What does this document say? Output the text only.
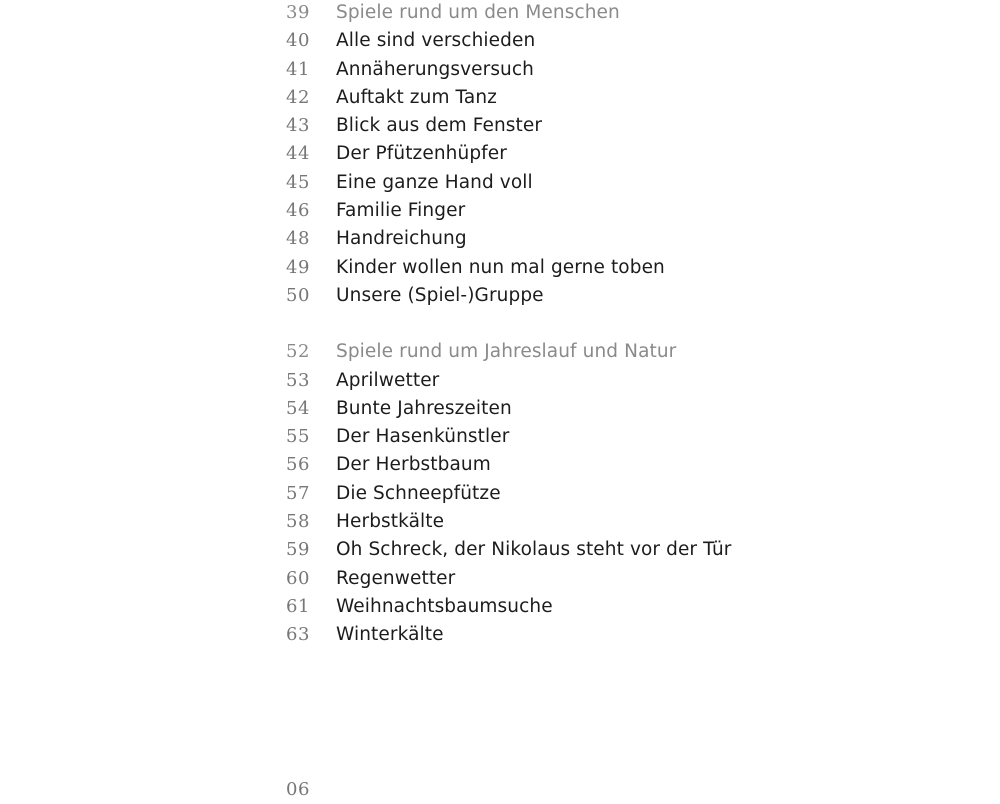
39	Spiele rund um den Menschen
40	Alle sind verschieden
41	Annäherungsversuch
42	Auftakt zum Tanz
43	Blick aus dem Fenster
44	Der Pfützenhüpfer
45	Eine ganze Hand voll
46	Familie Finger
48	Handreichung
49	Kinder wollen nun mal gerne toben
50	Unsere (Spiel-)Gruppe
52	Spiele rund um Jahreslauf und Natur
53	Aprilwetter
54	Bunte Jahreszeiten
55	Der Hasenkünstler
56	Der Herbstbaum
57	Die Schneepfütze
58	Herbstkälte
59	Oh Schreck, der Nikolaus steht vor der Tür
60	Regenwetter
61	Weihnachtsbaumsuche
63	Winterkälte
06
